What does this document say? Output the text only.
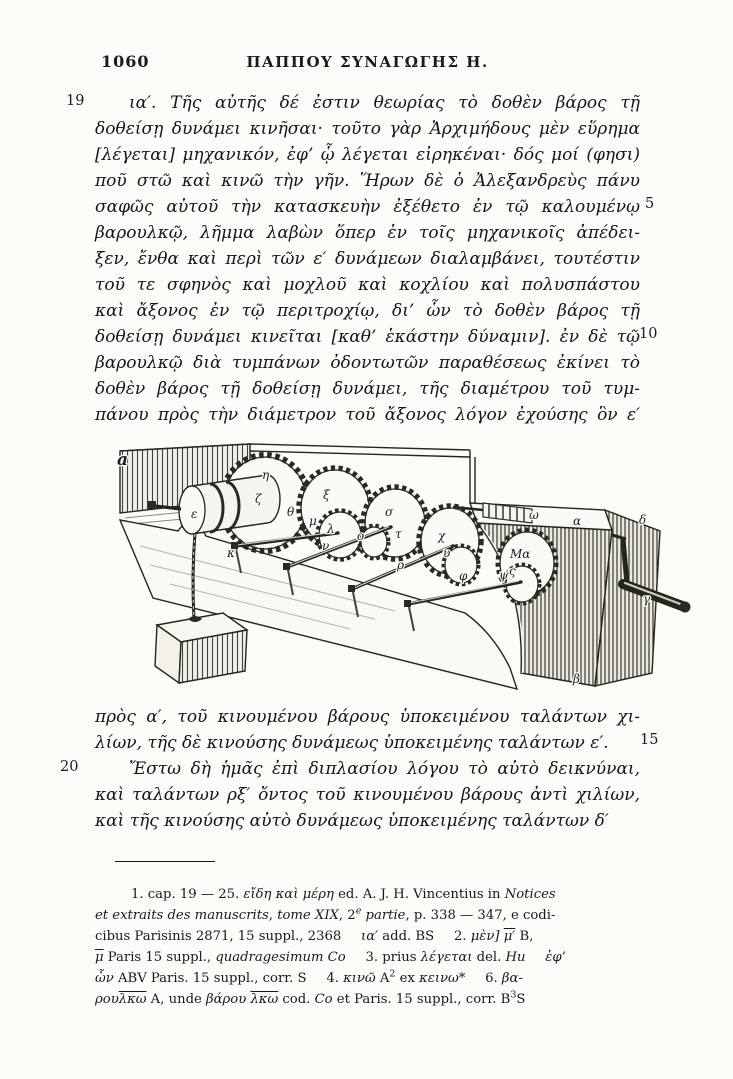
1060	ΠΑΠΠΟΥ ΣΥΝΑΓΩΓΗΣ Η.
19
5
10
15
20
ια′. Τῆς αὐτῆς δέ ἐστιν θεωρίας τὸ δοθὲν βάρος τῇ
δοθείσῃ δυνάμει κινῆσαι· τοῦτο γὰρ Ἀρχιμήδους μὲν εὕρημα
[λέγεται] μηχανικόν, ἐφ’ ᾧ λέγεται εἰρηκέναι· δός μοί (φησι)
ποῦ στῶ καὶ κινῶ τὴν γῆν. Ἥρων δὲ ὁ Ἀλεξανδρεὺς πάνυ
σαφῶς αὐτοῦ τὴν κατασκευὴν ἐξέθετο ἐν τῷ καλουμένῳ
βαρουλκῷ, λῆμμα λαβὼν ὅπερ ἐν τοῖς μηχανικοῖς ἀπέδει-
ξεν, ἔνθα καὶ περὶ τῶν ε′ δυνάμεων διαλαμβάνει, τουτέστιν
τοῦ τε σφηνὸς καὶ μοχλοῦ καὶ κοχλίου καὶ πολυσπάστου
καὶ ἄξονος ἐν τῷ περιτροχίῳ, δι’ ὧν τὸ δοθὲν βάρος τῇ
δοθείσῃ δυνάμει κινεῖται [καθ’ ἑκάστην δύναμιν]. ἐν δὲ τῷ
βαρουλκῷ διὰ τυμπάνων ὀδοντωτῶν παραθέσεως ἐκίνει τὸ
δοθὲν βάρος τῇ δοθείσῃ δυνάμει, τῆς διαμέτρου τοῦ τυμ-
πάνου πρὸς τὴν διάμετρον τοῦ ἄξονος λόγον ἐχούσης ὃν ε′
a
ε
ζ
η
θ
ξ
μ
λ
ν
κ
ο
σ
τ
ρ
χ
υ
φ	ψ
Μα
ς
ω	α	δ
γ
β
πρὸς α′, τοῦ κινουμένου βάρους ὑποκειμένου ταλάντων χι-
λίων, τῆς δὲ κινούσης δυνάμεως ὑποκειμένης ταλάντων ε′.
Ἔστω δὴ ἡμᾶς ἐπὶ διπλασίου λόγου τὸ αὐτὸ δεικνύναι,
καὶ ταλάντων ρξ′ ὄντος τοῦ κινουμένου βάρους ἀντὶ χιλίων,
καὶ τῆς κινούσης αὐτὸ δυνάμεως ὑποκειμένης ταλάντων δ′
1. cap. 19 — 25. εἴδη καὶ μέρη ed. A. J. H. Vincentius in Notices
et extraits des manuscrits, tome XIX, 2e partie, p. 338 — 347, e codi-
cibus Parisinis 2871, 15 suppl., 2368    ια′ add. BS    2. μὲν] μ′ B,
$\overline{\mu}$ Paris 15 suppl., quadragesimum Co    3. prius λέγεται del. Hu    ἐφ’
ὧν ABV Paris. 15 suppl., corr. S    4. κινῶ $A^2$ ex κεινω*    6. βα-
$\rho o\upsilon\overline{\lambda\kappa\omega}$ A, unde βάρου $\overline{\lambda\kappa\omega}$ cod. Co et Paris. 15 suppl., corr. $B^3S$
